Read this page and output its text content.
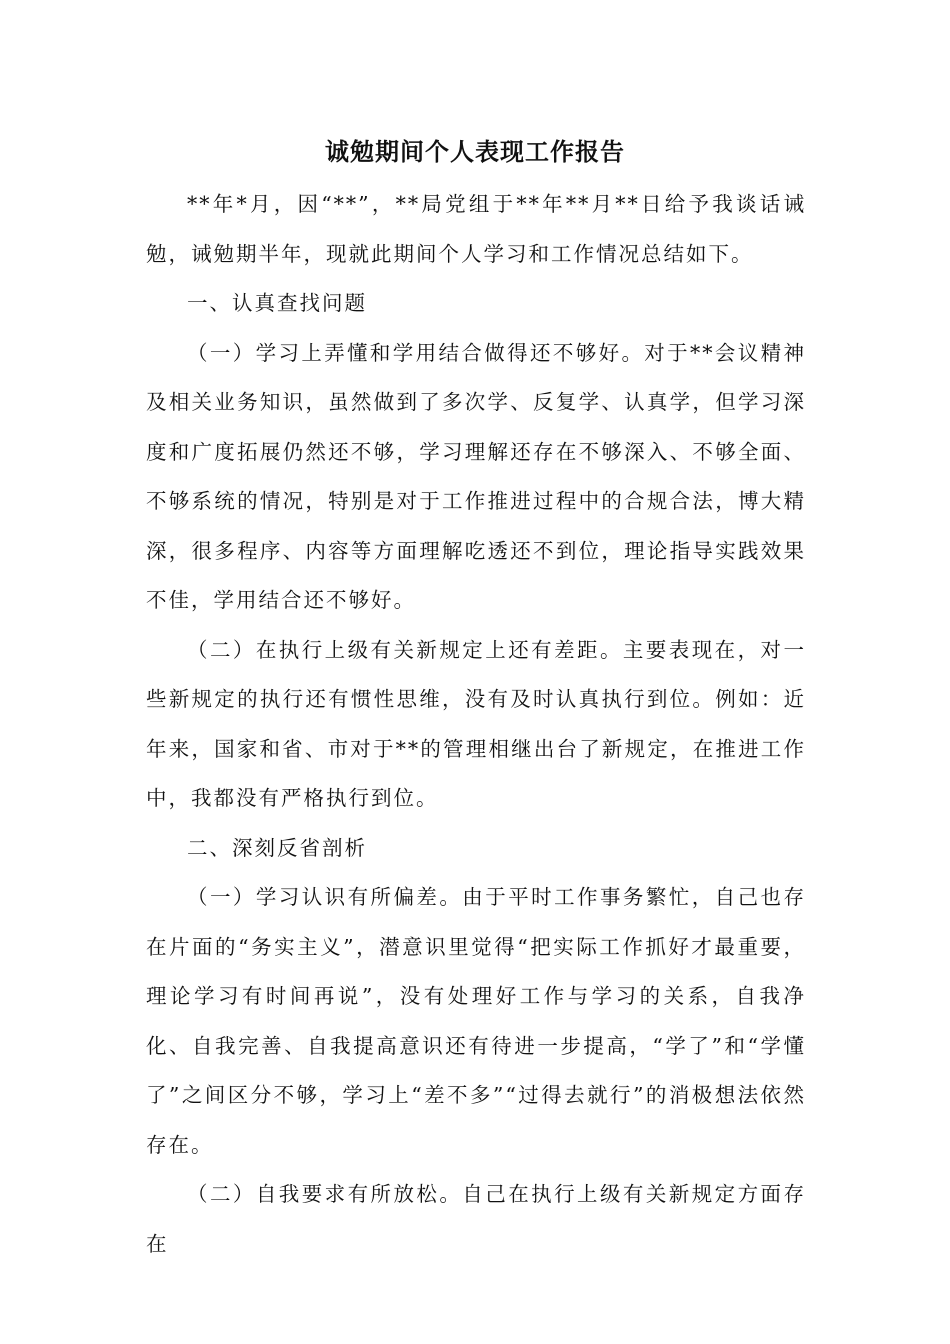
诚勉期间个人表现工作报告

**年*月，因“**”，**局党组于**年**月**日给予我谈话诫勉，诫勉期半年，现就此期间个人学习和工作情况总结如下。

一、认真查找问题

（一）学习上弄懂和学用结合做得还不够好。对于**会议精神及相关业务知识，虽然做到了多次学、反复学、认真学，但学习深度和广度拓展仍然还不够，学习理解还存在不够深入、不够全面、不够系统的情况，特别是对于工作推进过程中的合规合法，博大精深，很多程序、内容等方面理解吃透还不到位，理论指导实践效果不佳，学用结合还不够好。

（二）在执行上级有关新规定上还有差距。主要表现在，对一些新规定的执行还有惯性思维，没有及时认真执行到位。例如：近年来，国家和省、市对于**的管理相继出台了新规定，在推进工作中，我都没有严格执行到位。

二、深刻反省剖析

（一）学习认识有所偏差。由于平时工作事务繁忙，自己也存在片面的“务实主义”，潜意识里觉得“把实际工作抓好才最重要，理论学习有时间再说”，没有处理好工作与学习的关系，自我净化、自我完善、自我提高意识还有待进一步提高，“学了”和“学懂了”之间区分不够，学习上“差不多”“过得去就行”的消极想法依然存在。

（二）自我要求有所放松。自己在执行上级有关新规定方面存在
